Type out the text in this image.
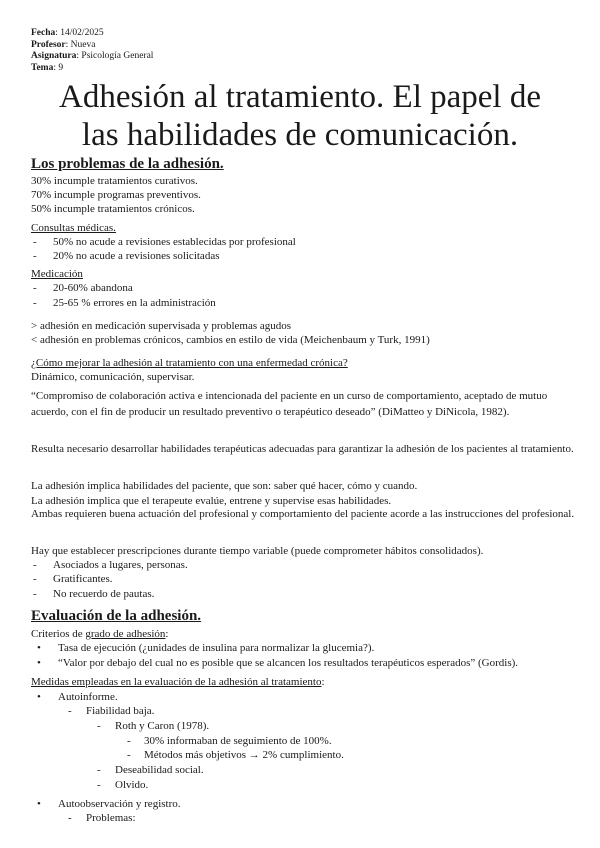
Fecha: 14/02/2025
Profesor: Nueva
Asignatura: Psicología General
Tema: 9
Adhesión al tratamiento. El papel de
las habilidades de comunicación.
Los problemas de la adhesión.
30% incumple tratamientos curativos.
70% incumple programas preventivos.
50% incumple tratamientos crónicos.
Consultas médicas.
- 50% no acude a revisiones establecidas por profesional
- 20% no acude a revisiones solicitadas
Medicación
- 20-60% abandona
- 25-65 % errores en la administración
> adhesión en medicación supervisada y problemas agudos
< adhesión en problemas crónicos, cambios en estilo de vida (Meichenbaum y Turk, 1991)
¿Cómo mejorar la adhesión al tratamiento con una enfermedad crónica?
Dinámico, comunicación, supervisar.
“Compromiso de colaboración activa e intencionada del paciente en un curso de comportamiento, aceptado de mutuo acuerdo, con el fin de producir un resultado preventivo o terapéutico deseado” (DiMatteo y DiNicola, 1982).
Resulta necesario desarrollar habilidades terapéuticas adecuadas para garantizar la adhesión de los pacientes al tratamiento.
La adhesión implica habilidades del paciente, que son: saber qué hacer, cómo y cuando.
La adhesión implica que el terapeute evalúe, entrene y supervise esas habilidades.
Ambas requieren buena actuación del profesional y comportamiento del paciente acorde a las instrucciones del profesional.
Hay que establecer prescripciones durante tiempo variable (puede comprometer hábitos consolidados).
- Asociados a lugares, personas.
- Gratificantes.
- No recuerdo de pautas.
Evaluación de la adhesión.
Criterios de grado de adhesión:
• Tasa de ejecución (¿unidades de insulina para normalizar la glucemia?).
• “Valor por debajo del cual no es posible que se alcancen los resultados terapéuticos esperados” (Gordis).
Medidas empleadas en la evaluación de la adhesión al tratamiento:
• Autoinforme.
- Fiabilidad baja.
- Roth y Caron (1978).
- 30% informaban de seguimiento de 100%.
- Métodos más objetivos → 2% cumplimiento.
- Deseabilidad social.
- Olvido.
• Autoobservación y registro.
- Problemas:
